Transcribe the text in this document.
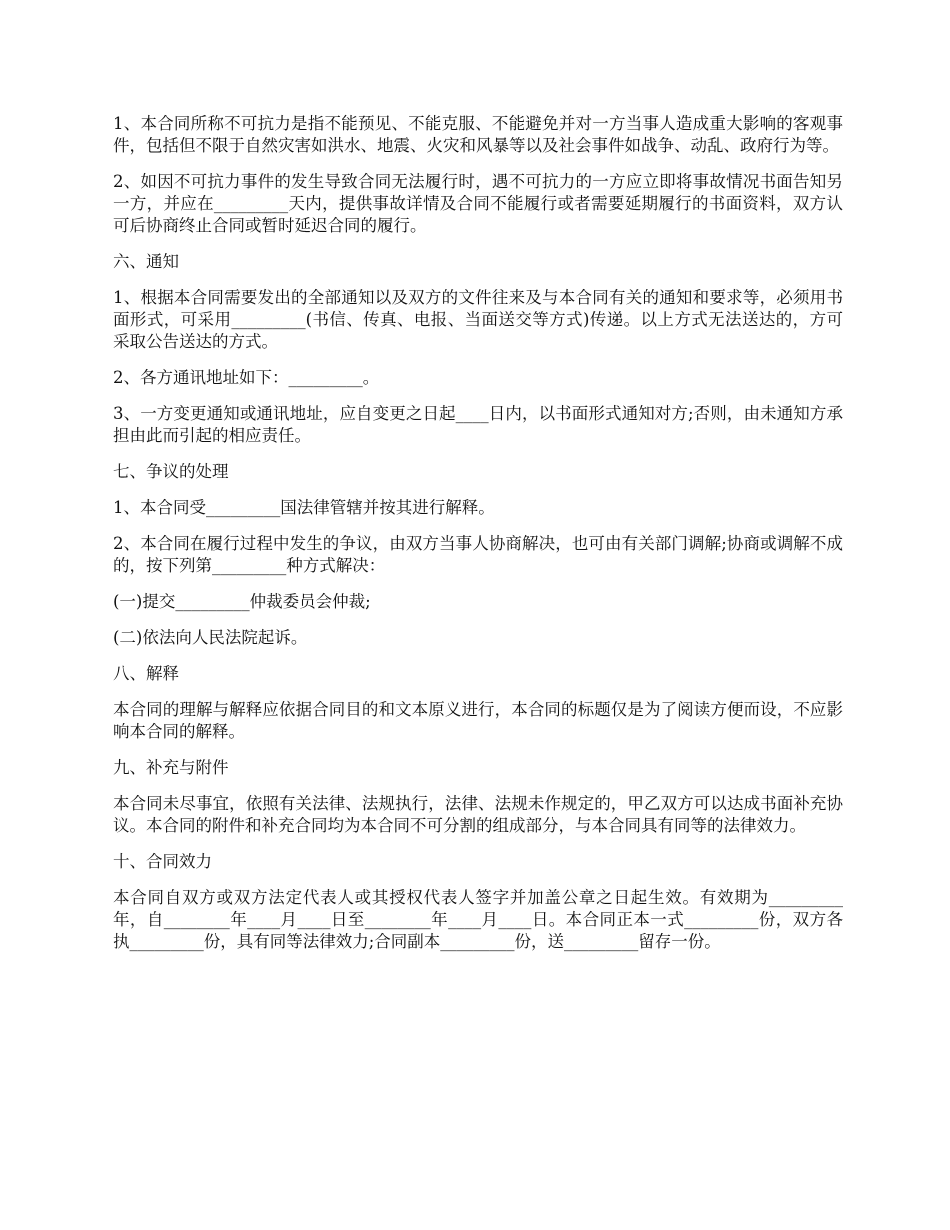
1、本合同所称不可抗力是指不能预见、不能克服、不能避免并对一方当事人造成重大影响的客观事件，包括但不限于自然灾害如洪水、地震、火灾和风暴等以及社会事件如战争、动乱、政府行为等。

2、如因不可抗力事件的发生导致合同无法履行时，遇不可抗力的一方应立即将事故情况书面告知另一方，并应在_________天内，提供事故详情及合同不能履行或者需要延期履行的书面资料，双方认可后协商终止合同或暂时延迟合同的履行。

六、通知

1、根据本合同需要发出的全部通知以及双方的文件往来及与本合同有关的通知和要求等，必须用书面形式，可采用_________(书信、传真、电报、当面送交等方式)传递。以上方式无法送达的，方可采取公告送达的方式。

2、各方通讯地址如下：_________。

3、一方变更通知或通讯地址，应自变更之日起____日内，以书面形式通知对方;否则，由未通知方承担由此而引起的相应责任。

七、争议的处理

1、本合同受_________国法律管辖并按其进行解释。

2、本合同在履行过程中发生的争议，由双方当事人协商解决，也可由有关部门调解;协商或调解不成的，按下列第_________种方式解决：

(一)提交_________仲裁委员会仲裁;

(二)依法向人民法院起诉。

八、解释

本合同的理解与解释应依据合同目的和文本原义进行，本合同的标题仅是为了阅读方便而设，不应影响本合同的解释。

九、补充与附件

本合同未尽事宜，依照有关法律、法规执行，法律、法规未作规定的，甲乙双方可以达成书面补充协议。本合同的附件和补充合同均为本合同不可分割的组成部分，与本合同具有同等的法律效力。

十、合同效力

本合同自双方或双方法定代表人或其授权代表人签字并加盖公章之日起生效。有效期为_________年，自________年____月____日至________年____月____日。本合同正本一式_________份，双方各执_________份，具有同等法律效力;合同副本_________份，送_________留存一份。
